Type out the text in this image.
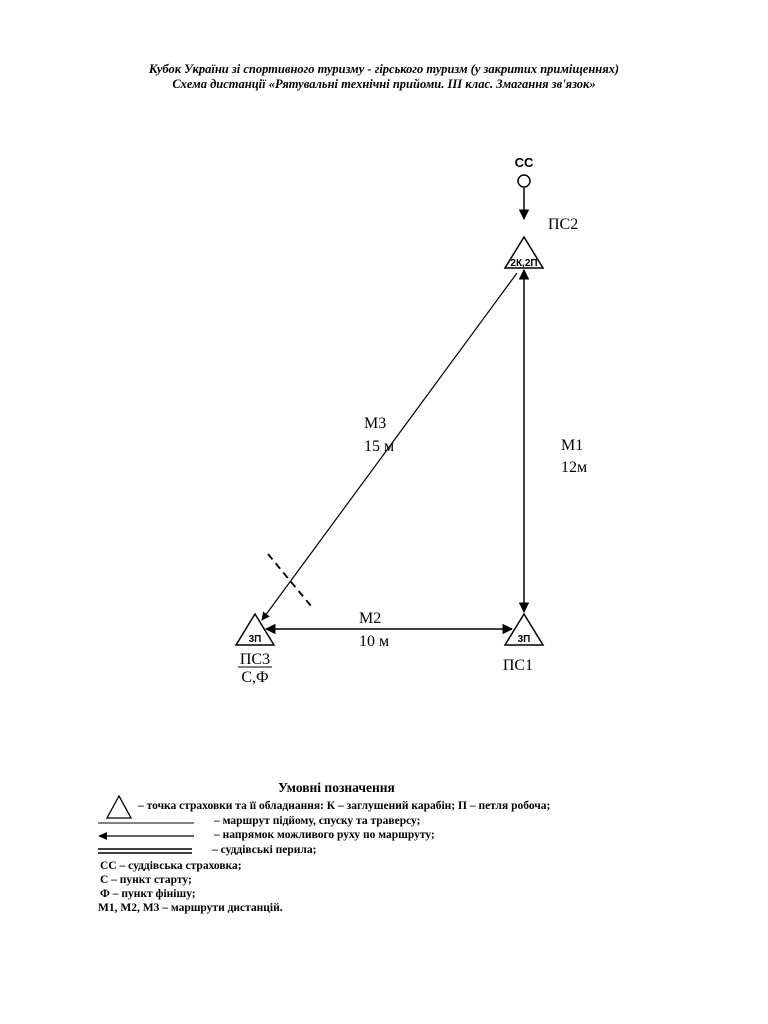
Кубок України зі спортивного туризму - гірського туризм (у закритих приміщеннях)
Схема дистанції «Рятувальні технічні прийоми. ІІІ клас. Змагання зв'язок»
СС
2К,2П
ПС2
3П
ПС1
3П
ПС3
С,Ф
М3
15 м	М1
12м
М2
10 м
Умовні позначення
– точка страховки та її обладнання: К – заглушений карабін; П – петля робоча;
– маршрут підйому, спуску та траверсу;
– напрямок можливого руху по маршруту;
– суддівські перила;
СС – суддівська страховка;
С – пункт старту;
Ф – пункт фінішу;
М1, М2, М3 – маршрути дистанцій.
